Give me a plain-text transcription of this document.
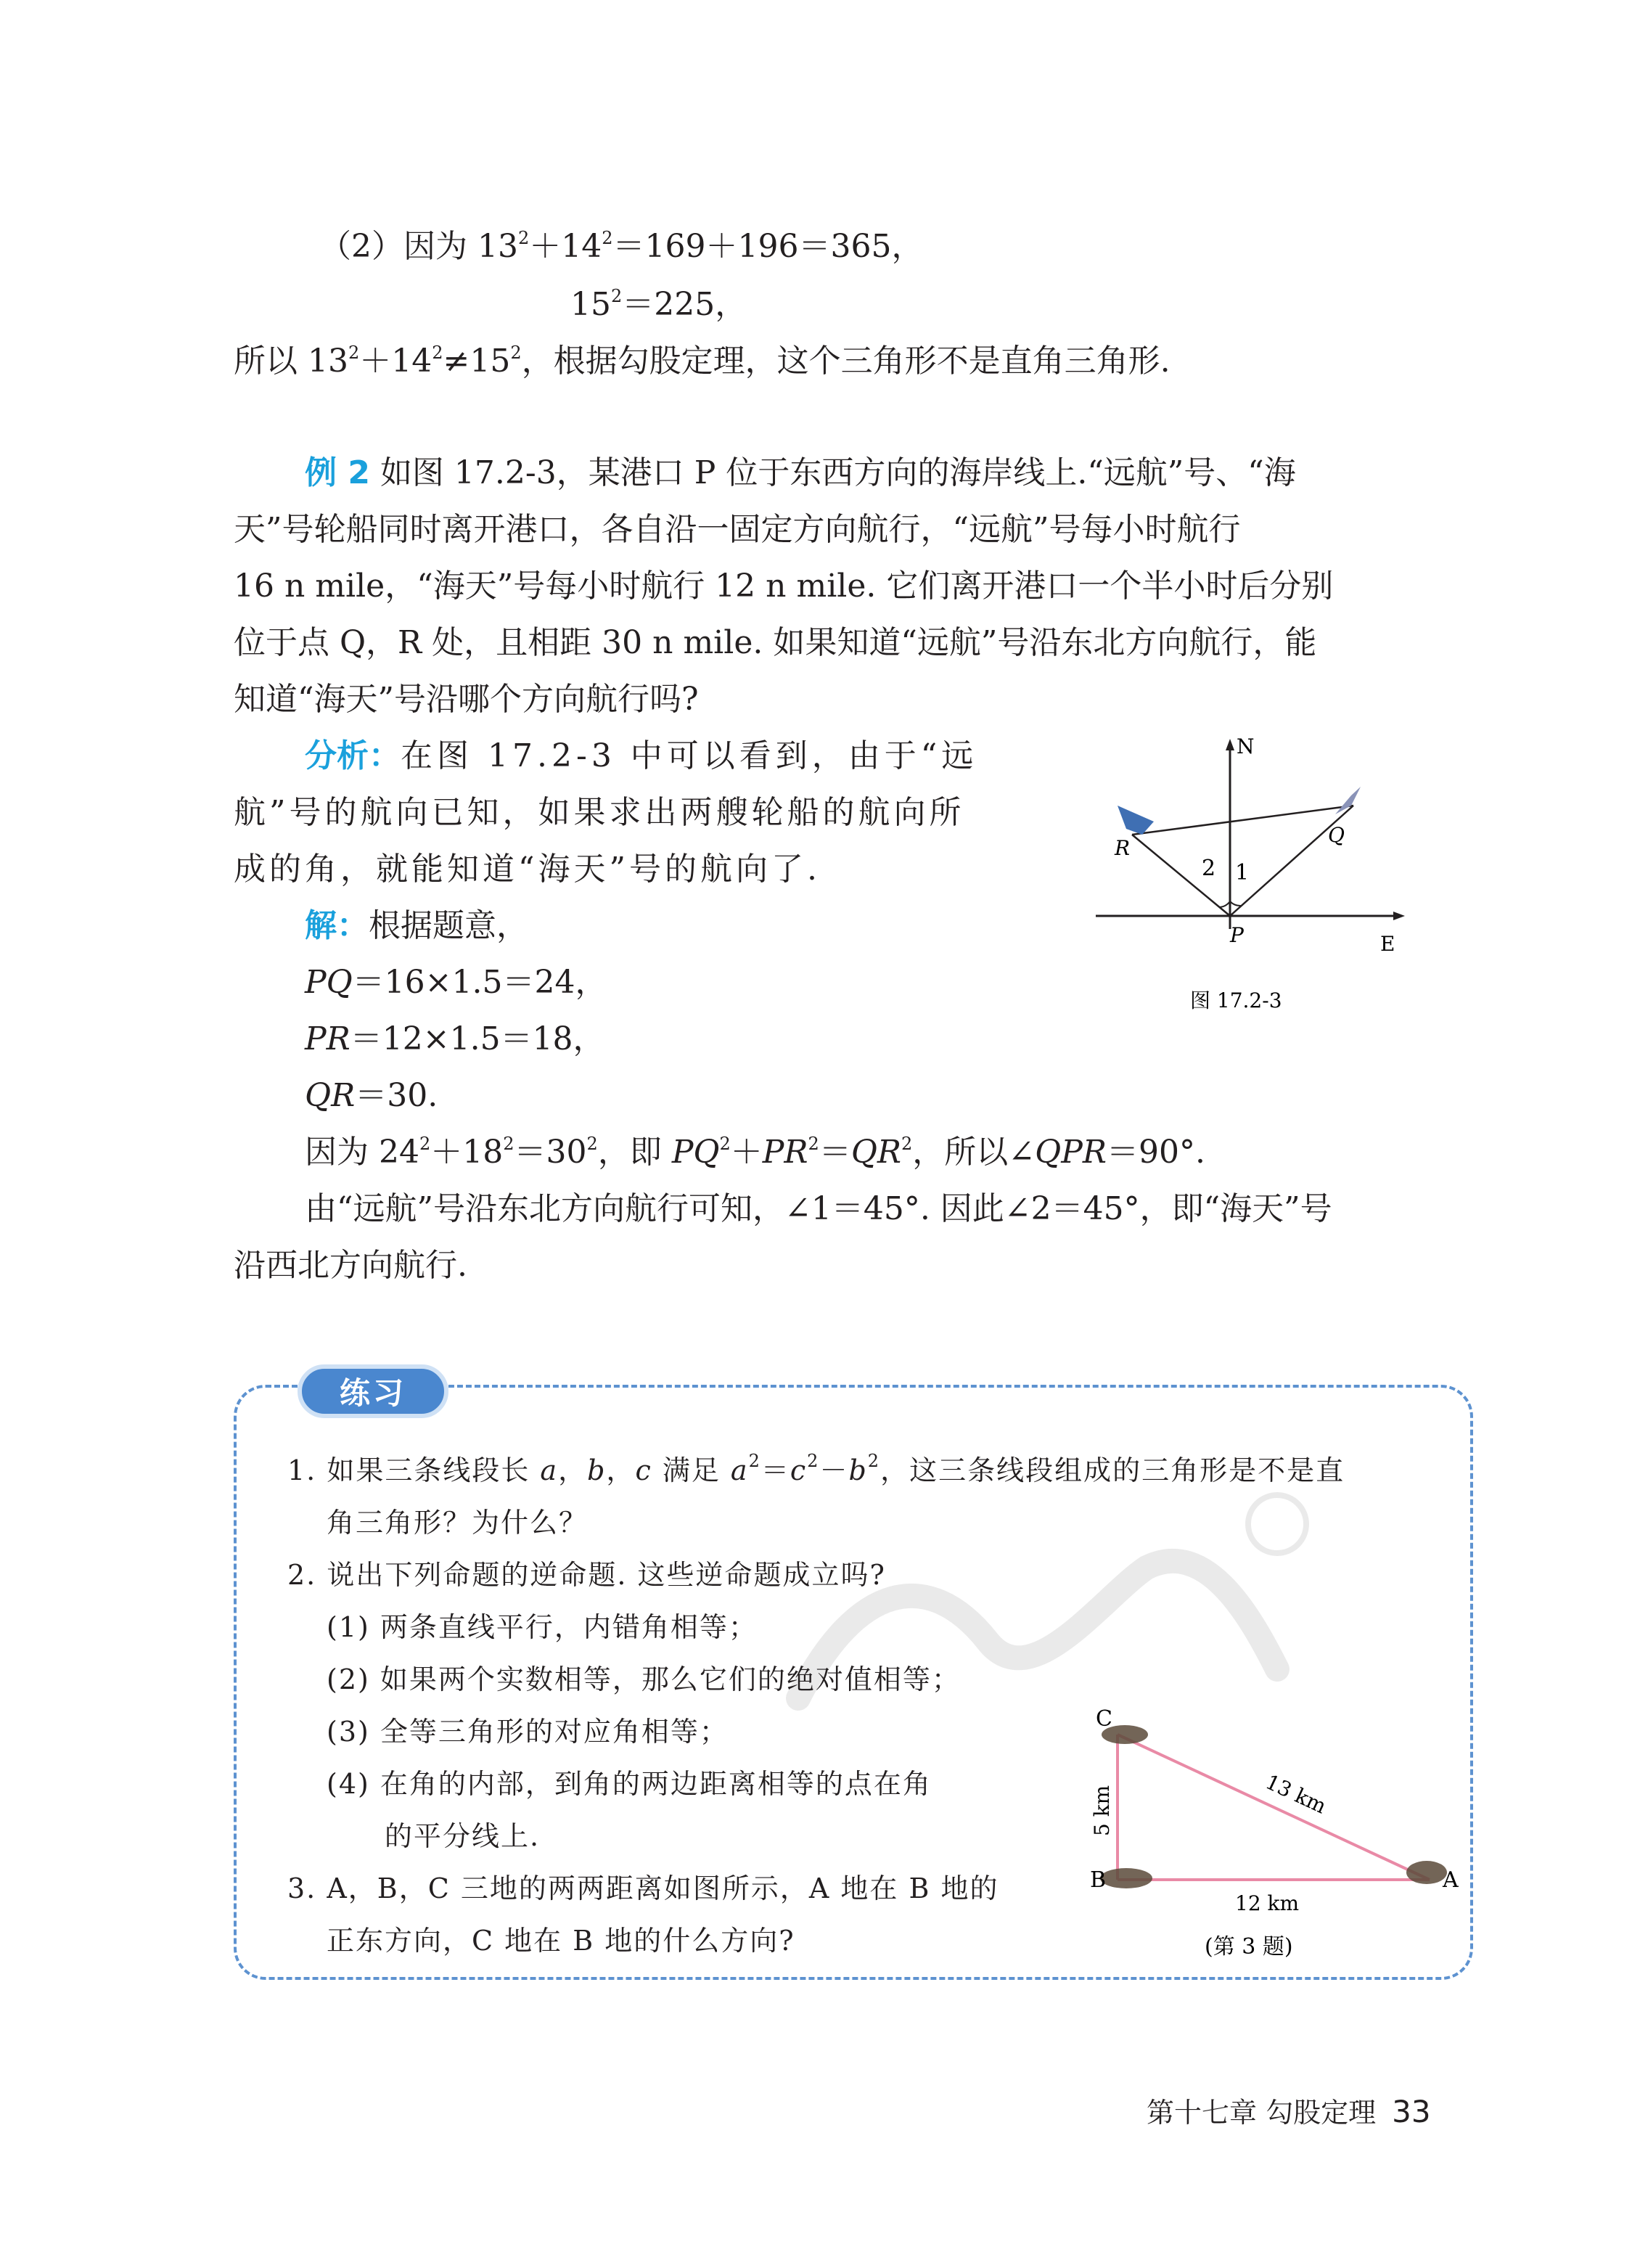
（2）因为 $13^2+14^2=169+196=365$，
$15^2=225$，
所以 $13^2+14^2\ne 15^2$，根据勾股定理，这个三角形不是直角三角形.
例 2 如图 17.2-3，某港口 P 位于东西方向的海岸线上.“远航”号、“海
天”号轮船同时离开港口，各自沿一固定方向航行，“远航”号每小时航行
16 n mile，“海天”号每小时航行 12 n mile. 它们离开港口一个半小时后分别
位于点 Q，R 处，且相距 30 n mile. 如果知道“远航”号沿东北方向航行，能
知道“海天”号沿哪个方向航行吗?
分析：在图 17.2-3 中可以看到，由于“远
航”号的航向已知，如果求出两艘轮船的航向所
成的角，就能知道“海天”号的航向了.
解：根据题意，
PQ＝16×1.5＝24，
PR＝12×1.5＝18，
QR＝30.
因为 $24^2+18^2=30^2$，即 $PQ^2+PR^2=QR^2$，所以∠QPR＝90°.
由“远航”号沿东北方向航行可知，∠1＝45°. 因此∠2＝45°，即“海天”号
沿西北方向航行.
N
E
R
Q
2 1
P
图 17.2-3
练习
1. 如果三条线段长 a，b，c 满足 $a^2=c^2-b^2$，这三条线段组成的三角形是不是直
角三角形？为什么？
2. 说出下列命题的逆命题. 这些逆命题成立吗?
(1) 两条直线平行，内错角相等；
(2) 如果两个实数相等，那么它们的绝对值相等；
(3) 全等三角形的对应角相等；
(4) 在角的内部，到角的两边距离相等的点在角
的平分线上.
3. A，B，C 三地的两两距离如图所示，A 地在 B 地的
正东方向，C 地在 B 地的什么方向?
C
B	A
5 km
12 km
13 km
(第 3 题)
第十七章 勾股定理 33
